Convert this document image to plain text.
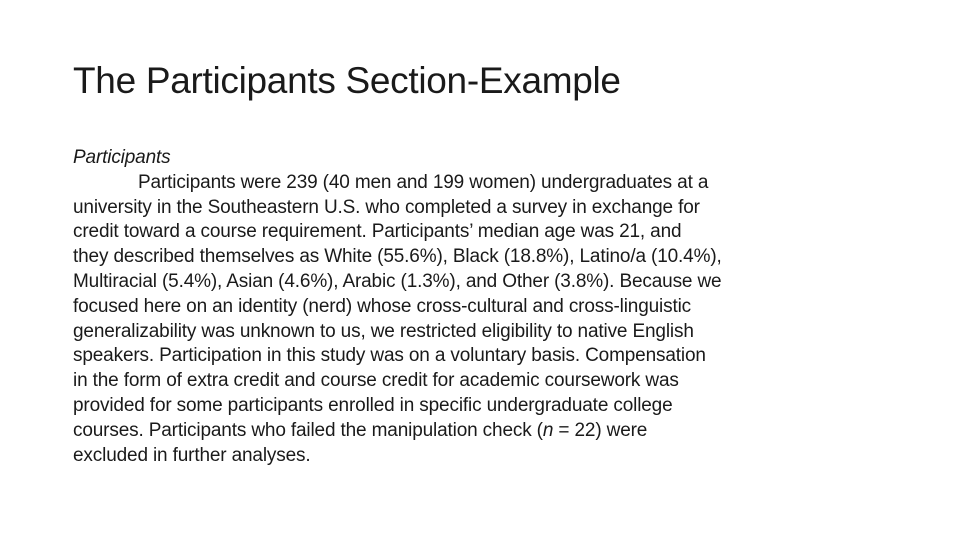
The Participants Section-Example

Participants

Participants were 239 (40 men and 199 women) undergraduates at a

university in the Southeastern U.S. who completed a survey in exchange for

credit toward a course requirement. Participants’ median age was 21, and

they described themselves as White (55.6%), Black (18.8%), Latino/a (10.4%),

Multiracial (5.4%), Asian (4.6%), Arabic (1.3%), and Other (3.8%). Because we

focused here on an identity (nerd) whose cross-cultural and cross-linguistic

generalizability was unknown to us, we restricted eligibility to native English

speakers. Participation in this study was on a voluntary basis. Compensation

in the form of extra credit and course credit for academic coursework was

provided for some participants enrolled in specific undergraduate college

courses. Participants who failed the manipulation check (n = 22) were

excluded in further analyses.
